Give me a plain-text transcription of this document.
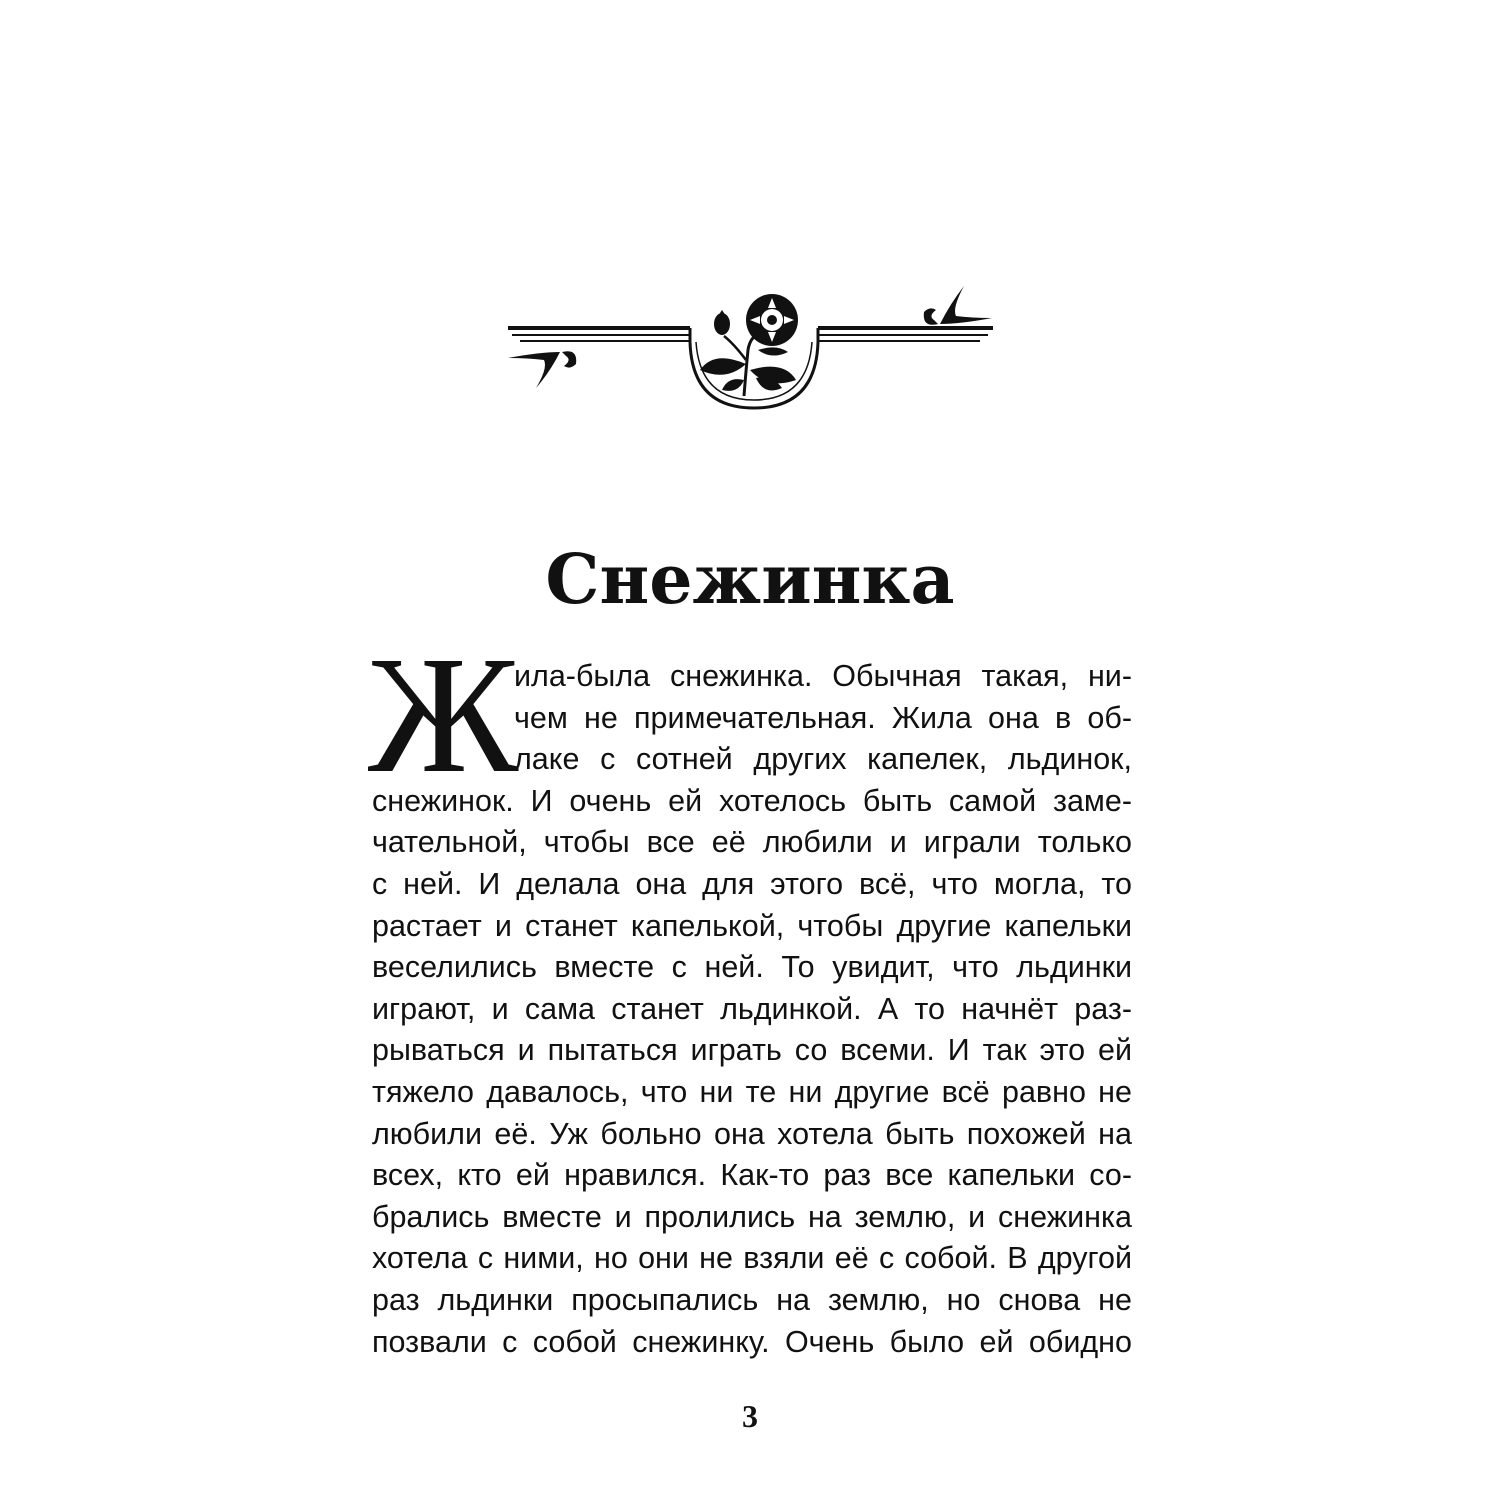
Снежинка
Ж
ила-была снежинка. Обычная такая, ни-
чем не примечательная. Жила она в об-
лаке с сотней других капелек, льдинок,
снежинок. И очень ей хотелось быть самой заме-
чательной, чтобы все её любили и играли только
с ней. И делала она для этого всё, что могла, то
растает и станет капелькой, чтобы другие капельки
веселились вместе с ней. То увидит, что льдинки
играют, и сама станет льдинкой. А то начнёт раз-
рываться и пытаться играть со всеми. И так это ей
тяжело давалось, что ни те ни другие всё равно не
любили её. Уж больно она хотела быть похожей на
всех, кто ей нравился. Как-то раз все капельки со-
брались вместе и пролились на землю, и снежинка
хотела с ними, но они не взяли её с собой. В другой
раз льдинки просыпались на землю, но снова не
позвали с собой снежинку. Очень было ей обидно
3
